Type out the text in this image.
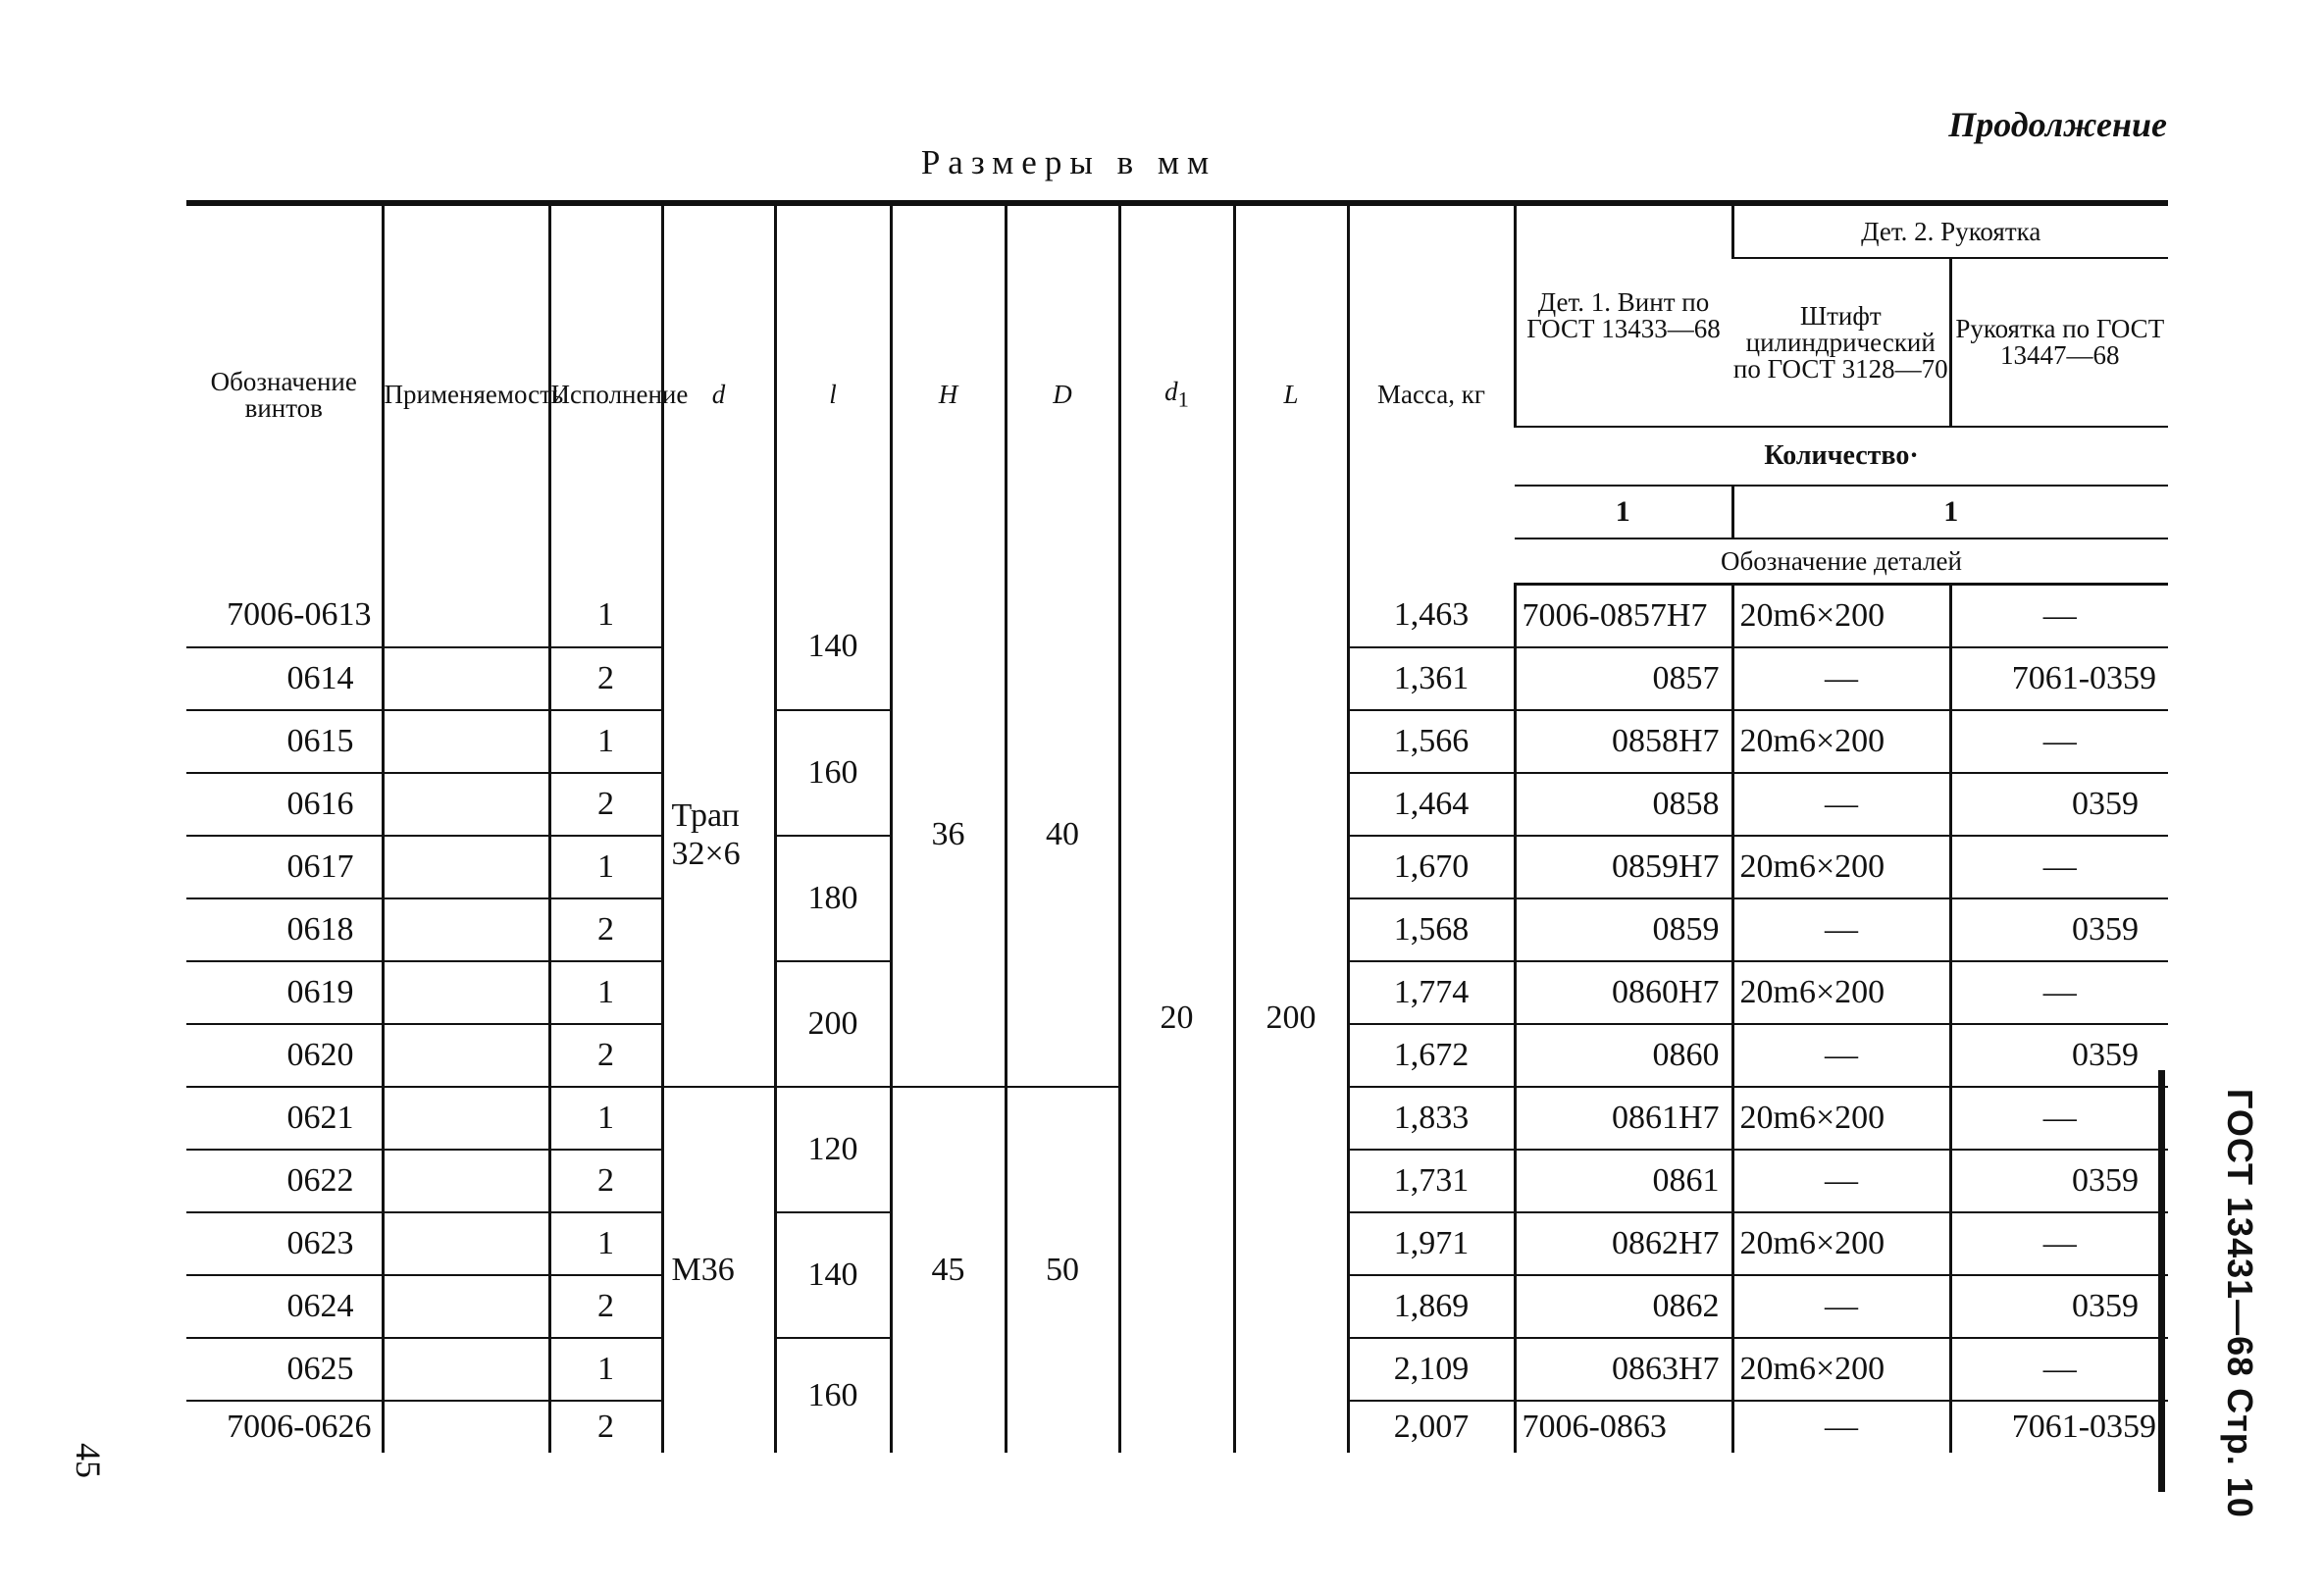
Продолжение
Размеры в мм
45	ГОСТ 13431—68 Стр. 10
Обозначение винтов	Применяемость	Исполнение	d	l	H	D	$d_1$	L	Масса, кг	Дет. 1. Винт по ГОСТ 13433—68	Дет. 2. Рукоятка	
											Штифт цилиндрический по ГОСТ 3128—70	Рукоятка по ГОСТ 13447—68
										Количество·		
										1	1	
										Обозначение деталей		
7006-0613		1	Трап 32×6	140	36	40	20	200	1,463	7006-0857Н7	20m6×200	—
0614		2							1,361	0857	—	7061-0359
0615		1		160					1,566	0858Н7	20m6×200	—
0616		2							1,464	0858	—	0359
0617		1		180					1,670	0859Н7	20m6×200	—
0618		2							1,568	0859	—	0359
0619		1		200					1,774	0860Н7	20m6×200	—
0620		2							1,672	0860	—	0359
0621		1	М36	120	45	50			1,833	0861Н7	20m6×200	—
0622		2							1,731	0861	—	0359
0623		1		140					1,971	0862Н7	20m6×200	—
0624		2							1,869	0862	—	0359
0625		1		160					2,109	0863Н7	20m6×200	—
7006-0626		2							2,007	7006-0863	—	7061-0359
